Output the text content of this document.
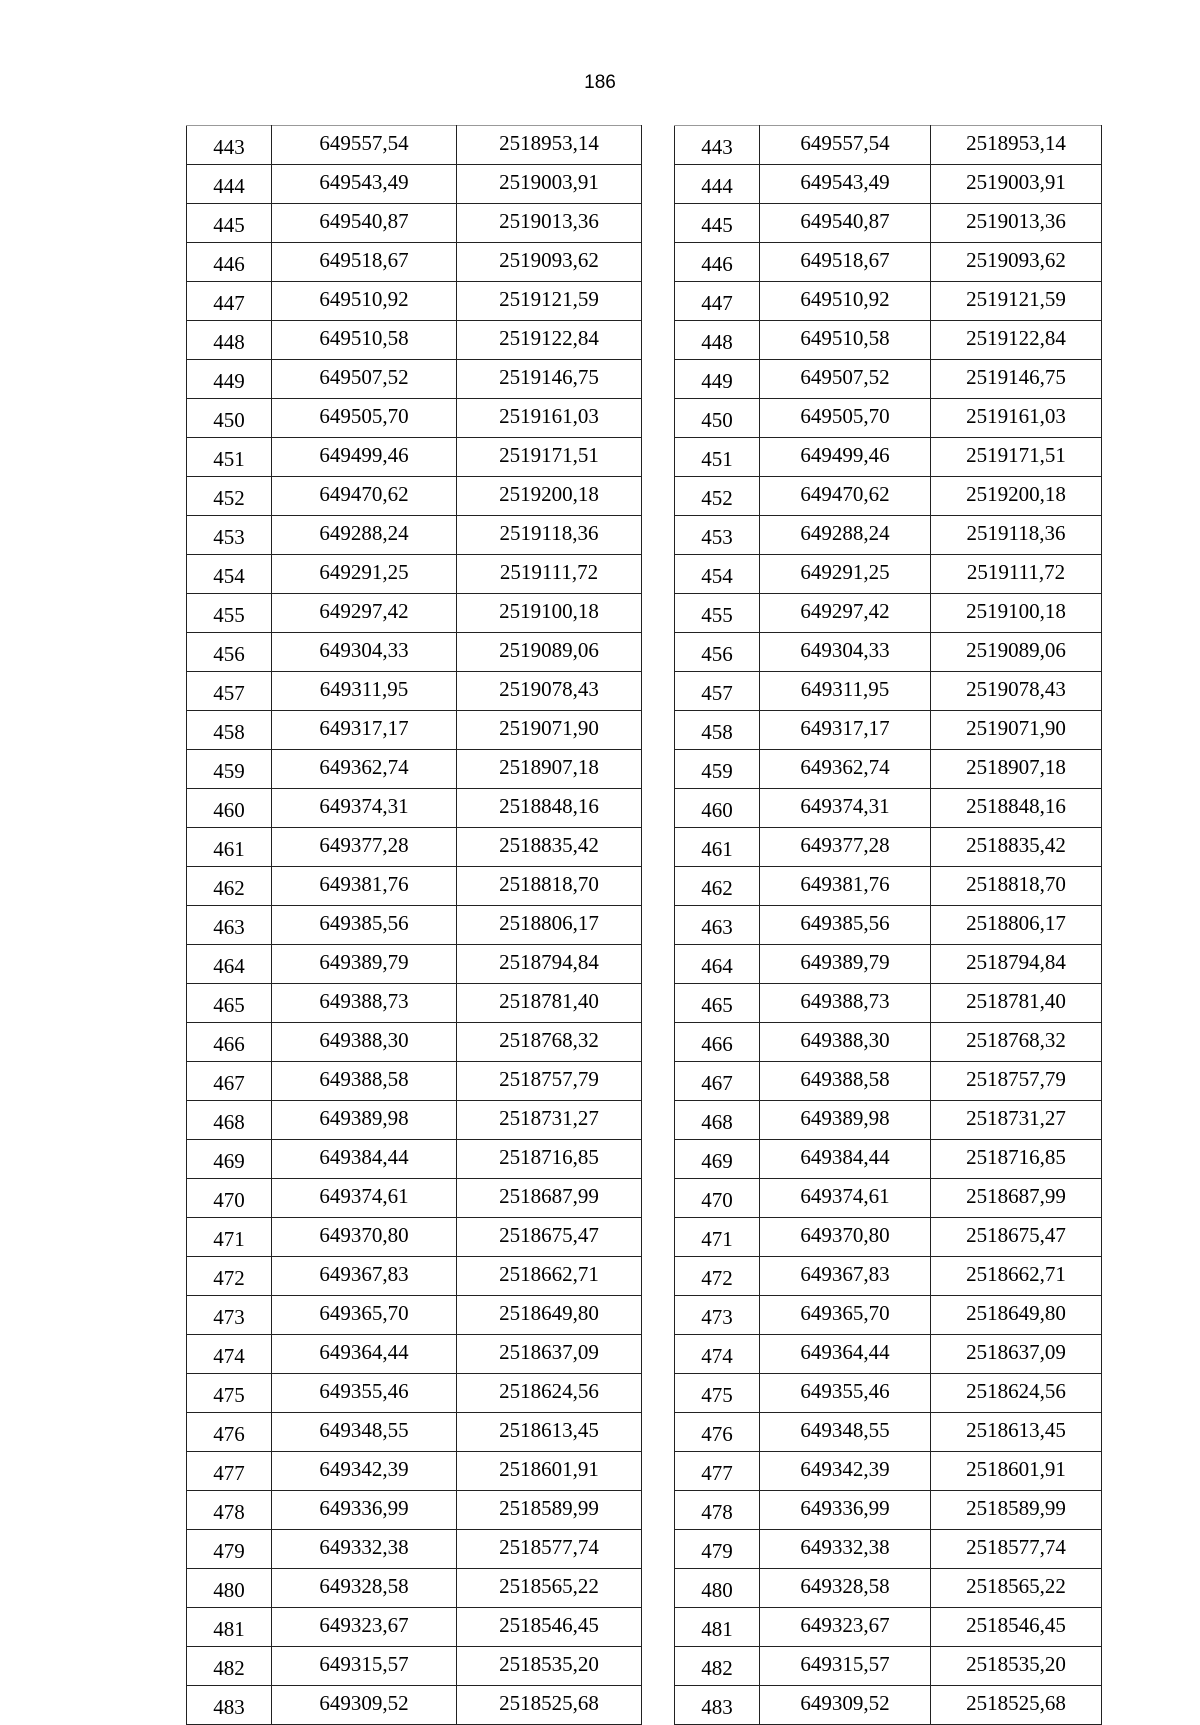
186
443	649557,54	2518953,14
444	649543,49	2519003,91
445	649540,87	2519013,36
446	649518,67	2519093,62
447	649510,92	2519121,59
448	649510,58	2519122,84
449	649507,52	2519146,75
450	649505,70	2519161,03
451	649499,46	2519171,51
452	649470,62	2519200,18
453	649288,24	2519118,36
454	649291,25	2519111,72
455	649297,42	2519100,18
456	649304,33	2519089,06
457	649311,95	2519078,43
458	649317,17	2519071,90
459	649362,74	2518907,18
460	649374,31	2518848,16
461	649377,28	2518835,42
462	649381,76	2518818,70
463	649385,56	2518806,17
464	649389,79	2518794,84
465	649388,73	2518781,40
466	649388,30	2518768,32
467	649388,58	2518757,79
468	649389,98	2518731,27
469	649384,44	2518716,85
470	649374,61	2518687,99
471	649370,80	2518675,47
472	649367,83	2518662,71
473	649365,70	2518649,80
474	649364,44	2518637,09
475	649355,46	2518624,56
476	649348,55	2518613,45
477	649342,39	2518601,91
478	649336,99	2518589,99
479	649332,38	2518577,74
480	649328,58	2518565,22
481	649323,67	2518546,45
482	649315,57	2518535,20
483	649309,52	2518525,68
443	649557,54	2518953,14
444	649543,49	2519003,91
445	649540,87	2519013,36
446	649518,67	2519093,62
447	649510,92	2519121,59
448	649510,58	2519122,84
449	649507,52	2519146,75
450	649505,70	2519161,03
451	649499,46	2519171,51
452	649470,62	2519200,18
453	649288,24	2519118,36
454	649291,25	2519111,72
455	649297,42	2519100,18
456	649304,33	2519089,06
457	649311,95	2519078,43
458	649317,17	2519071,90
459	649362,74	2518907,18
460	649374,31	2518848,16
461	649377,28	2518835,42
462	649381,76	2518818,70
463	649385,56	2518806,17
464	649389,79	2518794,84
465	649388,73	2518781,40
466	649388,30	2518768,32
467	649388,58	2518757,79
468	649389,98	2518731,27
469	649384,44	2518716,85
470	649374,61	2518687,99
471	649370,80	2518675,47
472	649367,83	2518662,71
473	649365,70	2518649,80
474	649364,44	2518637,09
475	649355,46	2518624,56
476	649348,55	2518613,45
477	649342,39	2518601,91
478	649336,99	2518589,99
479	649332,38	2518577,74
480	649328,58	2518565,22
481	649323,67	2518546,45
482	649315,57	2518535,20
483	649309,52	2518525,68
